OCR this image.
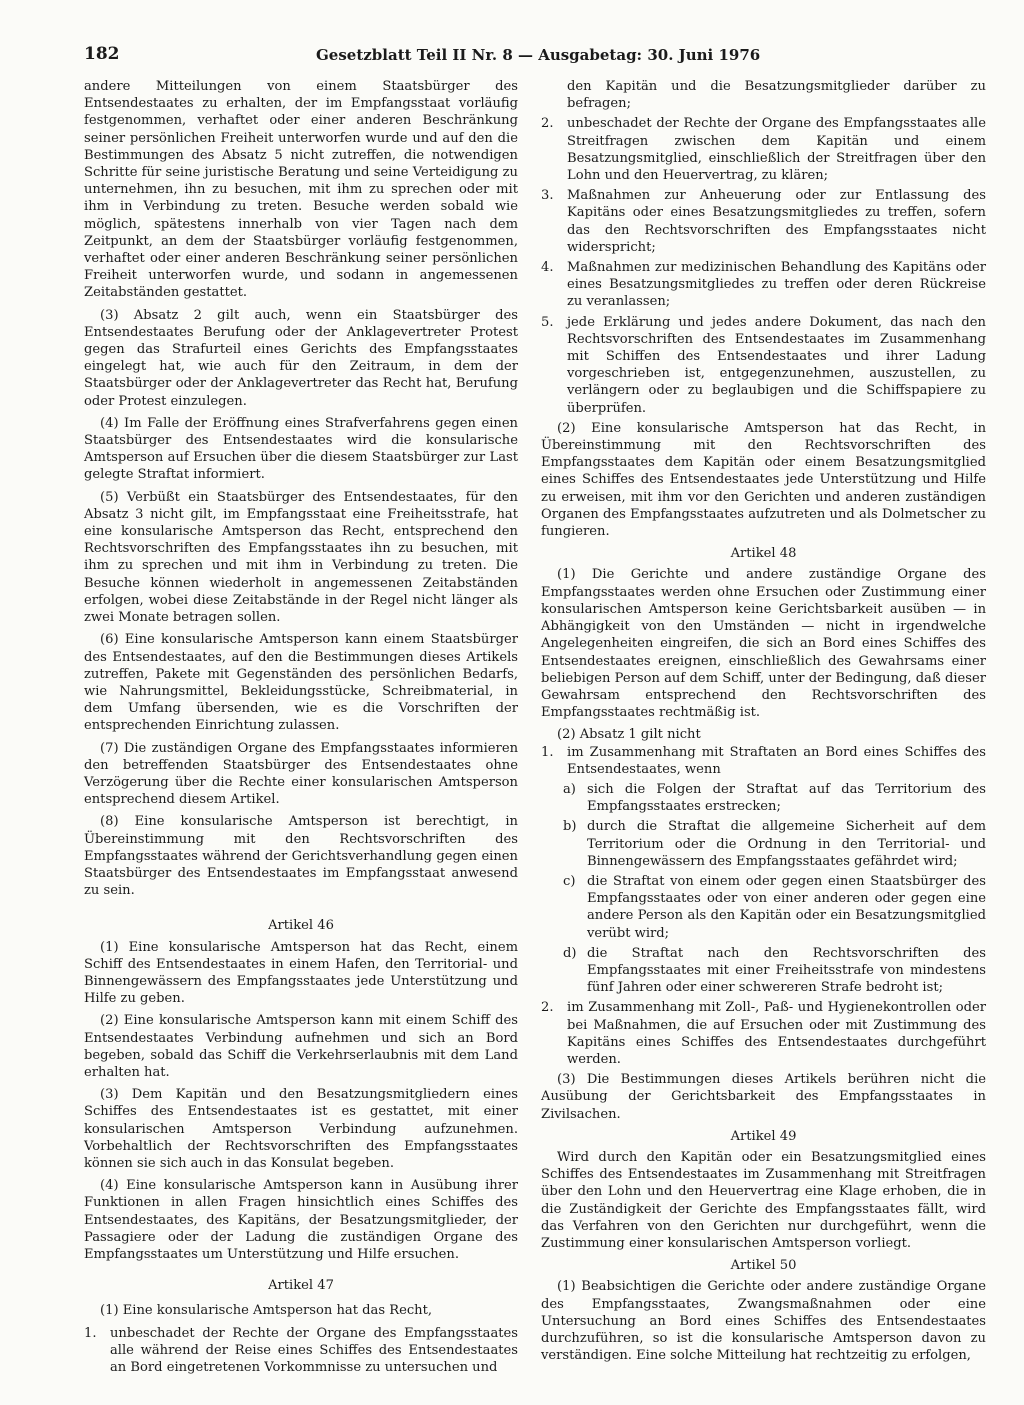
182	Gesetzblatt Teil II Nr. 8 — Ausgabetag: 30. Juni 1976

andere Mitteilungen von einem Staatsbürger des Entsendestaates zu erhalten, der im Empfangsstaat vorläufig festgenommen, verhaftet oder einer anderen Beschränkung seiner persönlichen Freiheit unterworfen wurde und auf den die Bestimmungen des Absatz 5 nicht zutreffen, die notwendigen Schritte für seine juristische Beratung und seine Verteidigung zu unternehmen, ihn zu besuchen, mit ihm zu sprechen oder mit ihm in Verbindung zu treten. Besuche werden sobald wie möglich, spätestens innerhalb von vier Tagen nach dem Zeitpunkt, an dem der Staatsbürger vorläufig festgenommen, verhaftet oder einer anderen Beschränkung seiner persönlichen Freiheit unterworfen wurde, und sodann in angemessenen Zeitabständen gestattet.

(3) Absatz 2 gilt auch, wenn ein Staatsbürger des Entsendestaates Berufung oder der Anklagevertreter Protest gegen das Strafurteil eines Gerichts des Empfangsstaates eingelegt hat, wie auch für den Zeitraum, in dem der Staatsbürger oder der Anklagevertreter das Recht hat, Berufung oder Protest einzulegen.

(4) Im Falle der Eröffnung eines Strafverfahrens gegen einen Staatsbürger des Entsendestaates wird die konsularische Amtsperson auf Ersuchen über die diesem Staatsbürger zur Last gelegte Straftat informiert.

(5) Verbüßt ein Staatsbürger des Entsendestaates, für den Absatz 3 nicht gilt, im Empfangsstaat eine Freiheitsstrafe, hat eine konsularische Amtsperson das Recht, entsprechend den Rechtsvorschriften des Empfangsstaates ihn zu besuchen, mit ihm zu sprechen und mit ihm in Verbindung zu treten. Die Besuche können wiederholt in angemessenen Zeitabständen erfolgen, wobei diese Zeitabstände in der Regel nicht länger als zwei Monate betragen sollen.

(6) Eine konsularische Amtsperson kann einem Staatsbürger des Entsendestaates, auf den die Bestimmungen dieses Artikels zutreffen, Pakete mit Gegenständen des persönlichen Bedarfs, wie Nahrungsmittel, Bekleidungsstücke, Schreibmaterial, in dem Umfang übersenden, wie es die Vorschriften der entsprechenden Einrichtung zulassen.

(7) Die zuständigen Organe des Empfangsstaates informieren den betreffenden Staatsbürger des Entsendestaates ohne Verzögerung über die Rechte einer konsularischen Amtsperson entsprechend diesem Artikel.

(8) Eine konsularische Amtsperson ist berechtigt, in Übereinstimmung mit den Rechtsvorschriften des Empfangsstaates während der Gerichtsverhandlung gegen einen Staatsbürger des Entsendestaates im Empfangsstaat anwesend zu sein.

Artikel 46

(1) Eine konsularische Amtsperson hat das Recht, einem Schiff des Entsendestaates in einem Hafen, den Territorial- und Binnengewässern des Empfangsstaates jede Unterstützung und Hilfe zu geben.

(2) Eine konsularische Amtsperson kann mit einem Schiff des Entsendestaates Verbindung aufnehmen und sich an Bord begeben, sobald das Schiff die Verkehrserlaubnis mit dem Land erhalten hat.

(3) Dem Kapitän und den Besatzungsmitgliedern eines Schiffes des Entsendestaates ist es gestattet, mit einer konsularischen Amtsperson Verbindung aufzunehmen. Vorbehaltlich der Rechtsvorschriften des Empfangsstaates können sie sich auch in das Konsulat begeben.

(4) Eine konsularische Amtsperson kann in Ausübung ihrer Funktionen in allen Fragen hinsichtlich eines Schiffes des Entsendestaates, des Kapitäns, der Besatzungsmitglieder, der Passagiere oder der Ladung die zuständigen Organe des Empfangsstaates um Unterstützung und Hilfe ersuchen.

Artikel 47

(1) Eine konsularische Amtsperson hat das Recht,

1. unbeschadet der Rechte der Organe des Empfangsstaates alle während der Reise eines Schiffes des Entsendestaates an Bord eingetretenen Vorkommnisse zu untersuchen und
den Kapitän und die Besatzungsmitglieder darüber zu befragen;
2. unbeschadet der Rechte der Organe des Empfangsstaates alle Streitfragen zwischen dem Kapitän und einem Besatzungsmitglied, einschließlich der Streitfragen über den Lohn und den Heuervertrag, zu klären;
3. Maßnahmen zur Anheuerung oder zur Entlassung des Kapitäns oder eines Besatzungsmitgliedes zu treffen, sofern das den Rechtsvorschriften des Empfangsstaates nicht widerspricht;
4. Maßnahmen zur medizinischen Behandlung des Kapitäns oder eines Besatzungsmitgliedes zu treffen oder deren Rückreise zu veranlassen;
5. jede Erklärung und jedes andere Dokument, das nach den Rechtsvorschriften des Entsendestaates im Zusammenhang mit Schiffen des Entsendestaates und ihrer Ladung vorgeschrieben ist, entgegenzunehmen, auszustellen, zu verlängern oder zu beglaubigen und die Schiffspapiere zu überprüfen.

(2) Eine konsularische Amtsperson hat das Recht, in Übereinstimmung mit den Rechtsvorschriften des Empfangsstaates dem Kapitän oder einem Besatzungsmitglied eines Schiffes des Entsendestaates jede Unterstützung und Hilfe zu erweisen, mit ihm vor den Gerichten und anderen zuständigen Organen des Empfangsstaates aufzutreten und als Dolmetscher zu fungieren.

Artikel 48

(1) Die Gerichte und andere zuständige Organe des Empfangsstaates werden ohne Ersuchen oder Zustimmung einer konsularischen Amtsperson keine Gerichtsbarkeit ausüben — in Abhängigkeit von den Umständen — nicht in irgendwelche Angelegenheiten eingreifen, die sich an Bord eines Schiffes des Entsendestaates ereignen, einschließlich des Gewahrsams einer beliebigen Person auf dem Schiff, unter der Bedingung, daß dieser Gewahrsam entsprechend den Rechtsvorschriften des Empfangsstaates rechtmäßig ist.

(2) Absatz 1 gilt nicht

1. im Zusammenhang mit Straftaten an Bord eines Schiffes des Entsendestaates, wenn
a) sich die Folgen der Straftat auf das Territorium des Empfangsstaates erstrecken;
b) durch die Straftat die allgemeine Sicherheit auf dem Territorium oder die Ordnung in den Territorial- und Binnengewässern des Empfangsstaates gefährdet wird;
c) die Straftat von einem oder gegen einen Staatsbürger des Empfangsstaates oder von einer anderen oder gegen eine andere Person als den Kapitän oder ein Besatzungsmitglied verübt wird;
d) die Straftat nach den Rechtsvorschriften des Empfangsstaates mit einer Freiheitsstrafe von mindestens fünf Jahren oder einer schwereren Strafe bedroht ist;
2. im Zusammenhang mit Zoll-, Paß- und Hygienekontrollen oder bei Maßnahmen, die auf Ersuchen oder mit Zustimmung des Kapitäns eines Schiffes des Entsendestaates durchgeführt werden.

(3) Die Bestimmungen dieses Artikels berühren nicht die Ausübung der Gerichtsbarkeit des Empfangsstaates in Zivilsachen.

Artikel 49

Wird durch den Kapitän oder ein Besatzungsmitglied eines Schiffes des Entsendestaates im Zusammenhang mit Streitfragen über den Lohn und den Heuervertrag eine Klage erhoben, die in die Zuständigkeit der Gerichte des Empfangsstaates fällt, wird das Verfahren von den Gerichten nur durchgeführt, wenn die Zustimmung einer konsularischen Amtsperson vorliegt.

Artikel 50

(1) Beabsichtigen die Gerichte oder andere zuständige Organe des Empfangsstaates, Zwangsmaßnahmen oder eine Untersuchung an Bord eines Schiffes des Entsendestaates durchzuführen, so ist die konsularische Amtsperson davon zu verständigen. Eine solche Mitteilung hat rechtzeitig zu erfolgen,
